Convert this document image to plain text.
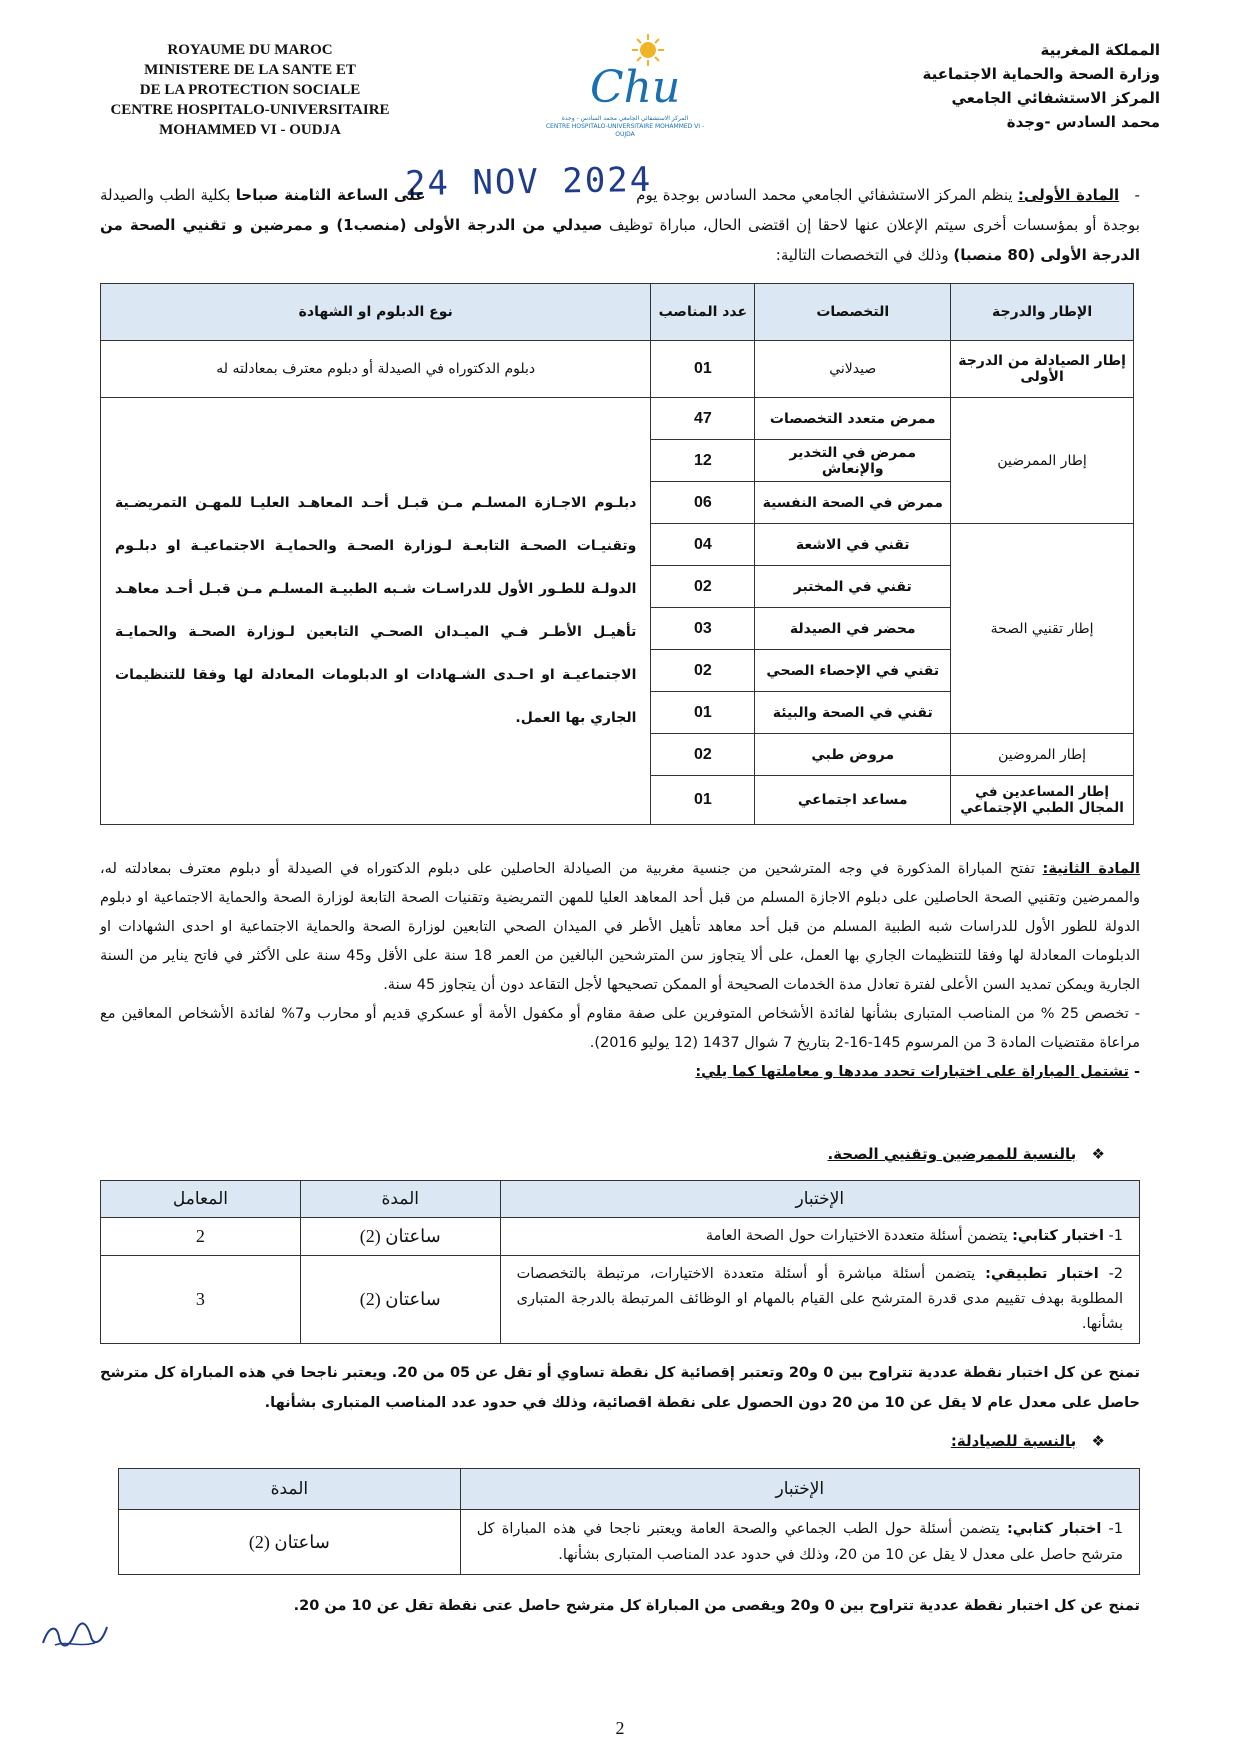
ROYAUME DU MAROC
MINISTERE DE LA SANTE ET
DE LA PROTECTION SOCIALE
CENTRE HOSPITALO-UNIVERSITAIRE
MOHAMMED VI - OUDJA
Chu
المركز الاستشفائي الجامعي محمد السادس - وجدة
CENTRE HOSPITALO-UNIVERSITAIRE MOHAMMED VI - OUJDA
المملكة المغربية
وزارة الصحة والحماية الاجتماعية
المركز الاستشفائي الجامعي
محمد السادس -وجدة
24 NOV 2024	- المادة الأولى: ينظم المركز الاستشفائي الجامعي محمد السادس بوجدة يوم  على الساعة الثامنة صباحا بكلية الطب والصيدلة بوجدة أو بمؤسسات أخرى سيتم الإعلان عنها لاحقا إن اقتضى الحال، مباراة توظيف صيدلي من الدرجة الأولى (منصب1) و ممرضين و تقنيي الصحة من الدرجة الأولى (80 منصبا) وذلك في التخصصات التالية:
الإطار والدرجة	التخصصات	عدد المناصب	نوع الدبلوم او الشهادة
إطار الصيادلة من الدرجة الأولى	صيدلاني	01	دبلوم الدكتوراه في الصيدلة أو دبلوم معترف بمعادلته له
إطار الممرضين	ممرض متعدد التخصصات	47	دبلـوم الاجـازة المسلـم مـن قبـل أحـد المعاهـد العليـا للمهـن التمريضـية وتقنيـات الصحـة التابعـة لـوزارة الصحـة والحمايـة الاجتماعيـة او دبلـوم الدولـة للطـور الأول للدراسـات شـبه الطبيـة المسلـم مـن قبـل أحـد معاهـد تأهيـل الأطـر فـي الميـدان الصحـي التابعين لـوزارة الصحـة والحمايـة الاجتماعيـة او احـدى الشـهادات او الدبلومات المعادلة لها وفقا للتنظيمات الجاري بها العمل.
	ممرض في التخدير والإنعاش	12	
	ممرض في الصحة النفسية	06	
إطار تقنيي الصحة	تقني في الاشعة	04	
	تقني في المختبر	02	
	محضر في الصيدلة	03	
	تقني في الإحصاء الصحي	02	
	تقني في الصحة والبيئة	01	
إطار المروضين	مروض طبي	02	
إطار المساعدين في المجال الطبي الإجتماعي	مساعد اجتماعي	01	
المادة الثانية: تفتح المباراة المذكورة في وجه المترشحين من جنسية مغربية من الصيادلة الحاصلين على دبلوم الدكتوراه في الصيدلة أو دبلوم معترف بمعادلته له، والممرضين وتقنيي الصحة الحاصلين على دبلوم الاجازة المسلم من قبل أحد المعاهد العليا للمهن التمريضية وتقنيات الصحة التابعة لوزارة الصحة والحماية الاجتماعية او دبلوم الدولة للطور الأول للدراسات شبه الطبية المسلم من قبل أحد معاهد تأهيل الأطر في الميدان الصحي التابعين لوزارة الصحة والحماية الاجتماعية او احدى الشهادات او الدبلومات المعادلة لها وفقا للتنظيمات الجاري بها العمل، على ألا يتجاوز سن المترشحين البالغين من العمر 18 سنة على الأقل و45 سنة على الأكثر في فاتح يناير من السنة الجارية ويمكن تمديد السن الأعلى لفترة تعادل مدة الخدمات الصحيحة أو الممكن تصحيحها لأجل التقاعد دون أن يتجاوز 45 سنة.
- تخصص 25 % من المناصب المتبارى بشأنها لفائدة الأشخاص المتوفرين على صفة مقاوم أو مكفول الأمة أو عسكري قديم أو محارب و7% لفائدة الأشخاص المعاقين مع مراعاة مقتضيات المادة 3 من المرسوم 145-16-2 بتاريخ 7 شوال 1437 (12 يوليو 2016).
- تشتمل المباراة على اختبارات تحدد مددها و معاملتها كما يلي:
❖ بالنسبة للممرضين وتقنيي الصحة.
الإختبار	المدة	المعامل
1- اختبار كتابي: يتضمن أسئلة متعددة الاختيارات حول الصحة العامة	ساعتان (2)	2
2- اختبار تطبيقي: يتضمن أسئلة مباشرة أو أسئلة متعددة الاختيارات، مرتبطة بالتخصصات المطلوبة بهدف تقييم مدى قدرة المترشح على القيام بالمهام او الوظائف المرتبطة بالدرجة المتبارى بشأنها.	ساعتان (2)	3
تمنح عن كل اختبار نقطة عددية تتراوح بين 0 و20 وتعتبر إقصائية كل نقطة تساوي أو تقل عن 05 من 20. ويعتبر ناجحا في هذه المباراة كل مترشح حاصل على معدل عام لا يقل عن 10 من 20 دون الحصول على نقطة اقصائية، وذلك في حدود عدد المناصب المتبارى بشأنها.
❖ بالنسبة للصيادلة:
الإختبار	المدة
1- اختبار كتابي: يتضمن أسئلة حول الطب الجماعي والصحة العامة ويعتبر ناجحا في هذه المباراة كل مترشح حاصل على معدل لا يقل عن 10 من 20، وذلك في حدود عدد المناصب المتبارى بشأنها.	ساعتان (2)
تمنح عن كل اختبار نقطة عددية تتراوح بين 0 و20 ويقصى من المباراة كل مترشح حاصل عتى نقطة تقل عن 10 من 20.
2
